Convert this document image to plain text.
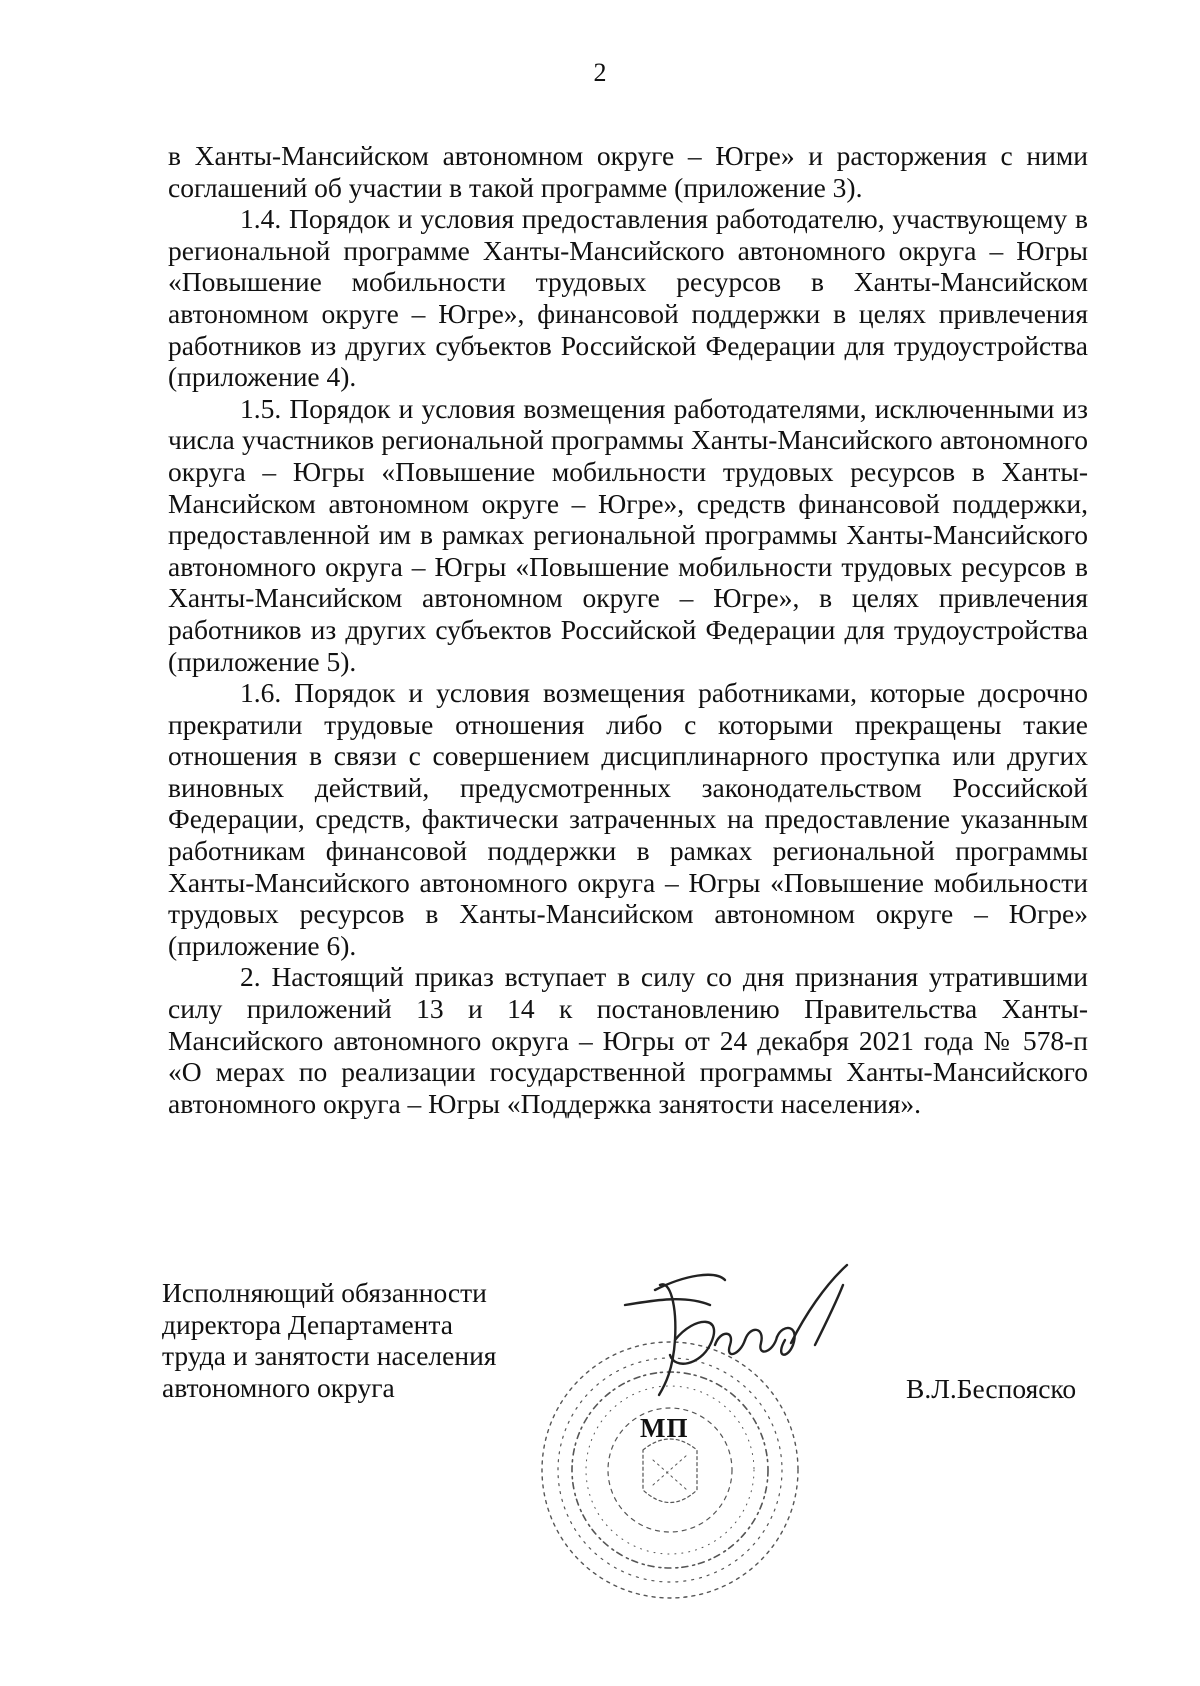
2

в Ханты-Мансийском автономном округе – Югре» и расторжения с ними соглашений об участии в такой программе (приложение 3).

1.4. Порядок и условия предоставления работодателю, участвующему в региональной программе Ханты-Мансийского автономного округа – Югры «Повышение мобильности трудовых ресурсов в Ханты-Мансийском автономном округе – Югре», финансовой поддержки в целях привлечения работников из других субъектов Российской Федерации для трудоустройства (приложение 4).

1.5. Порядок и условия возмещения работодателями, исключенными из числа участников региональной программы Ханты-Мансийского автономного округа – Югры «Повышение мобильности трудовых ресурсов в Ханты-Мансийском автономном округе – Югре», средств финансовой поддержки, предоставленной им в рамках региональной программы Ханты-Мансийского автономного округа – Югры «Повышение мобильности трудовых ресурсов в Ханты-Мансийском автономном округе – Югре», в целях привлечения работников из других субъектов Российской Федерации для трудоустройства (приложение 5).

1.6. Порядок и условия возмещения работниками, которые досрочно прекратили трудовые отношения либо с которыми прекращены такие отношения в связи с совершением дисциплинарного проступка или других виновных действий, предусмотренных законодательством Российской Федерации, средств, фактически затраченных на предоставление указанным работникам финансовой поддержки в рамках региональной программы Ханты-Мансийского автономного округа – Югры «Повышение мобильности трудовых ресурсов в Ханты-Мансийском автономном округе – Югре» (приложение 6).

2. Настоящий приказ вступает в силу со дня признания утратившими силу приложений 13 и 14 к постановлению Правительства Ханты-Мансийского автономного округа – Югры от 24 декабря 2021 года № 578-п «О мерах по реализации государственной программы Ханты-Мансийского автономного округа – Югры «Поддержка занятости населения».

Исполняющий обязанности
директора Департамента
труда и занятости населения
автономного округа
МП
В.Л.Беспояско
